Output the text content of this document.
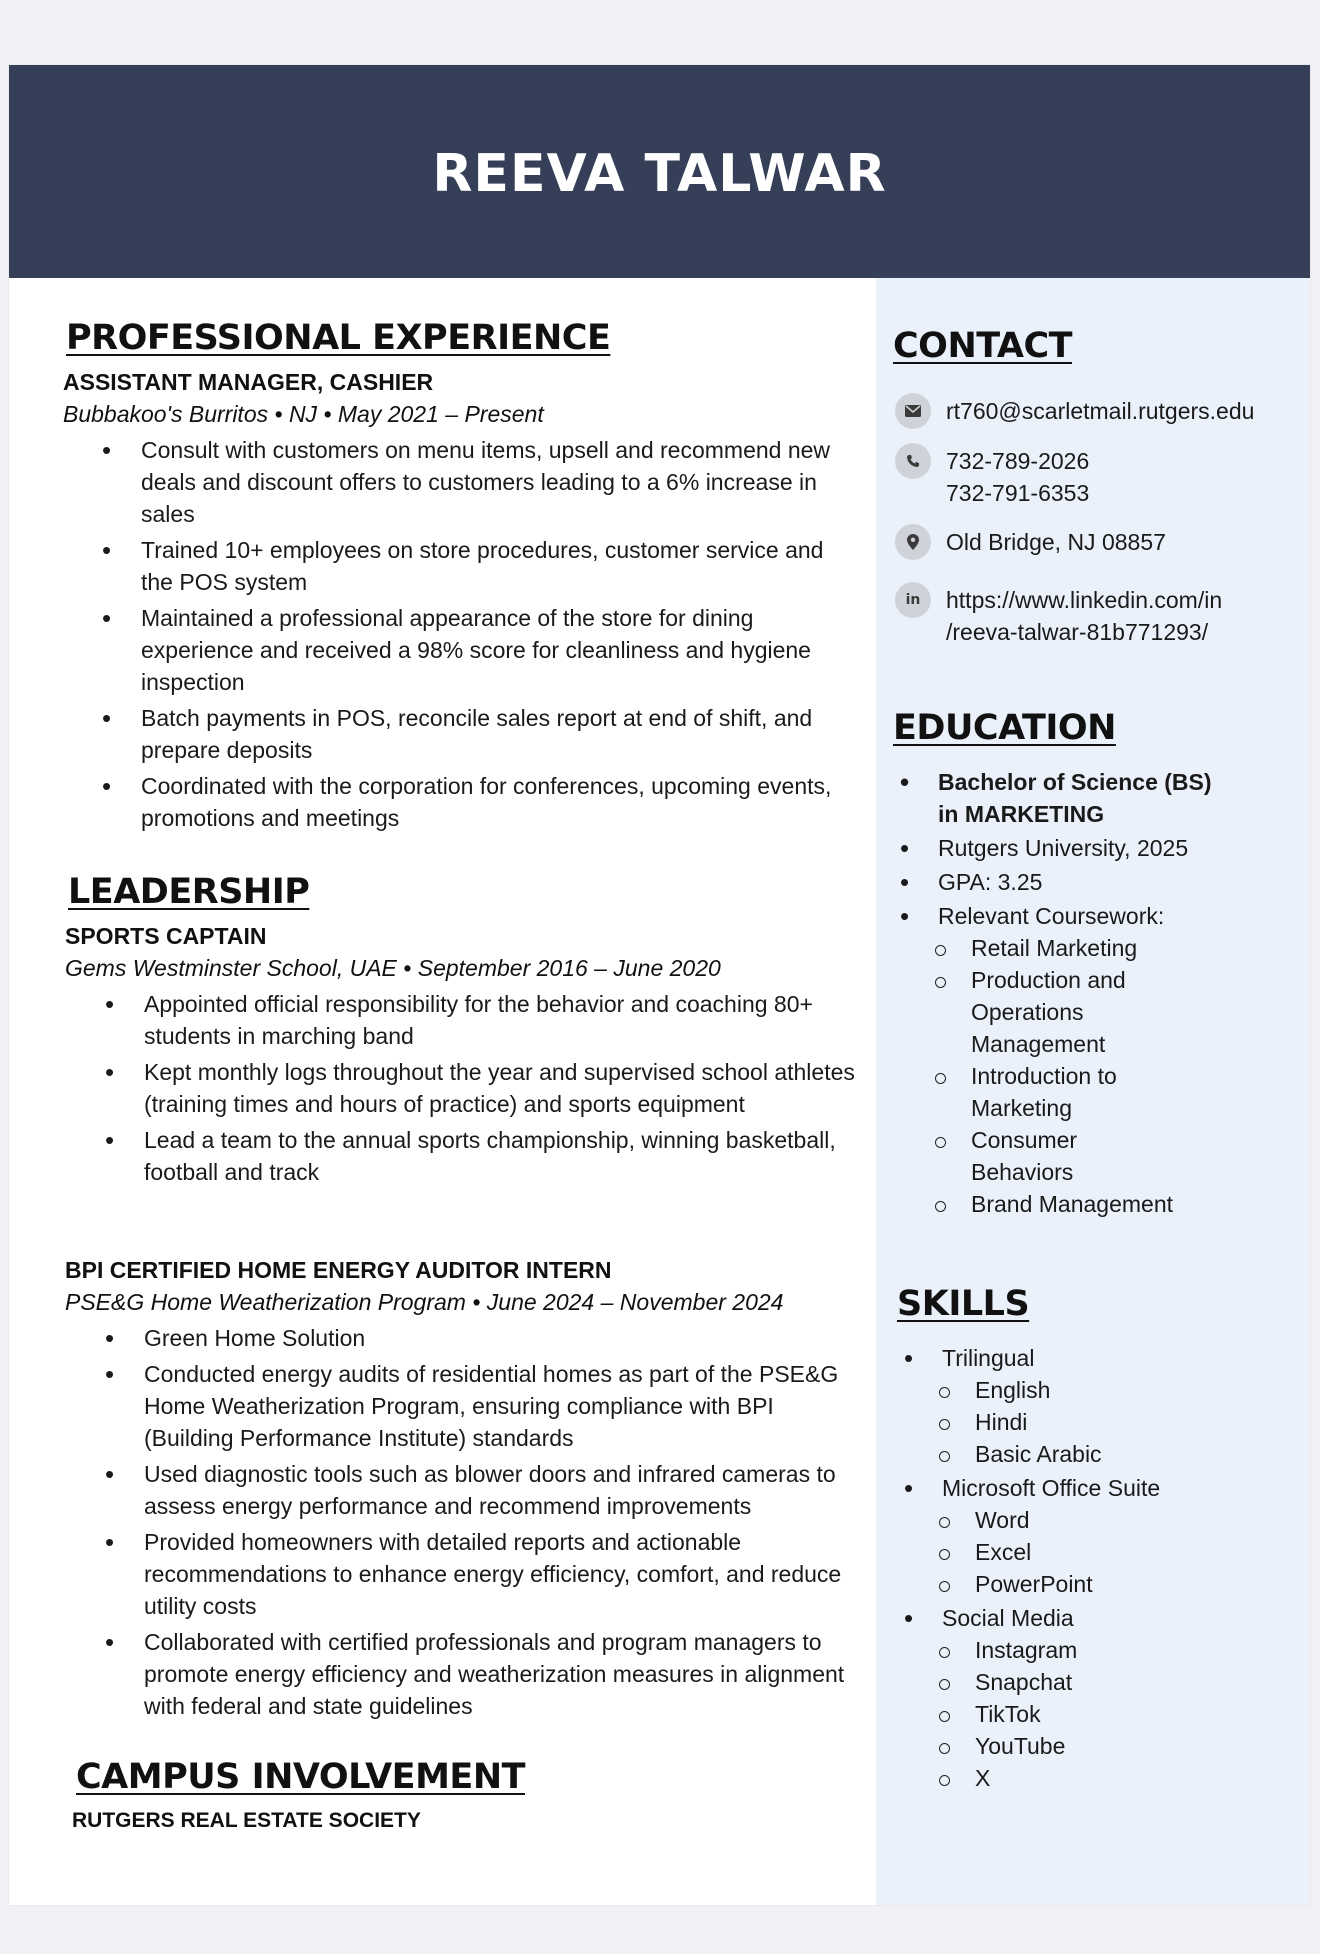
REEVA TALWAR
PROFESSIONAL EXPERIENCE
ASSISTANT MANAGER, CASHIER
Bubbakoo's Burritos • NJ • May 2021 – Present
• Consult with customers on menu items, upsell and recommend new deals and discount offers to customers leading to a 6% increase in sales
• Trained 10+ employees on store procedures, customer service and the POS system
• Maintained a professional appearance of the store for dining experience and received a 98% score for cleanliness and hygiene inspection
• Batch payments in POS, reconcile sales report at end of shift, and prepare deposits
• Coordinated with the corporation for conferences, upcoming events, promotions and meetings
LEADERSHIP
SPORTS CAPTAIN
Gems Westminster School, UAE • September 2016 – June 2020
• Appointed official responsibility for the behavior and coaching 80+ students in marching band
• Kept monthly logs throughout the year and supervised school athletes (training times and hours of practice) and sports equipment
• Lead a team to the annual sports championship, winning basketball, football and track
BPI CERTIFIED HOME ENERGY AUDITOR INTERN
PSE&G Home Weatherization Program • June 2024 – November 2024
• Green Home Solution
• Conducted energy audits of residential homes as part of the PSE&G Home Weatherization Program, ensuring compliance with BPI (Building Performance Institute) standards
• Used diagnostic tools such as blower doors and infrared cameras to assess energy performance and recommend improvements
• Provided homeowners with detailed reports and actionable recommendations to enhance energy efficiency, comfort, and reduce utility costs
• Collaborated with certified professionals and program managers to promote energy efficiency and weatherization measures in alignment with federal and state guidelines
CAMPUS INVOLVEMENT
RUTGERS REAL ESTATE SOCIETY
CONTACT
rt760@scarletmail.rutgers.edu
732-789-2026
732-791-6353
Old Bridge, NJ 08857
in https://www.linkedin.com/in
/reeva-talwar-81b771293/
EDUCATION
• Bachelor of Science (BS)
in MARKETING
• Rutgers University, 2025
• GPA: 3.25
• Relevant Coursework:
Retail Marketing
Production and
Operations
Management
Introduction to
Marketing
Consumer
Behaviors
Brand Management
SKILLS
• Trilingual
English
Hindi
Basic Arabic
• Microsoft Office Suite
Word
Excel
PowerPoint
• Social Media
Instagram
Snapchat
TikTok
YouTube
X
